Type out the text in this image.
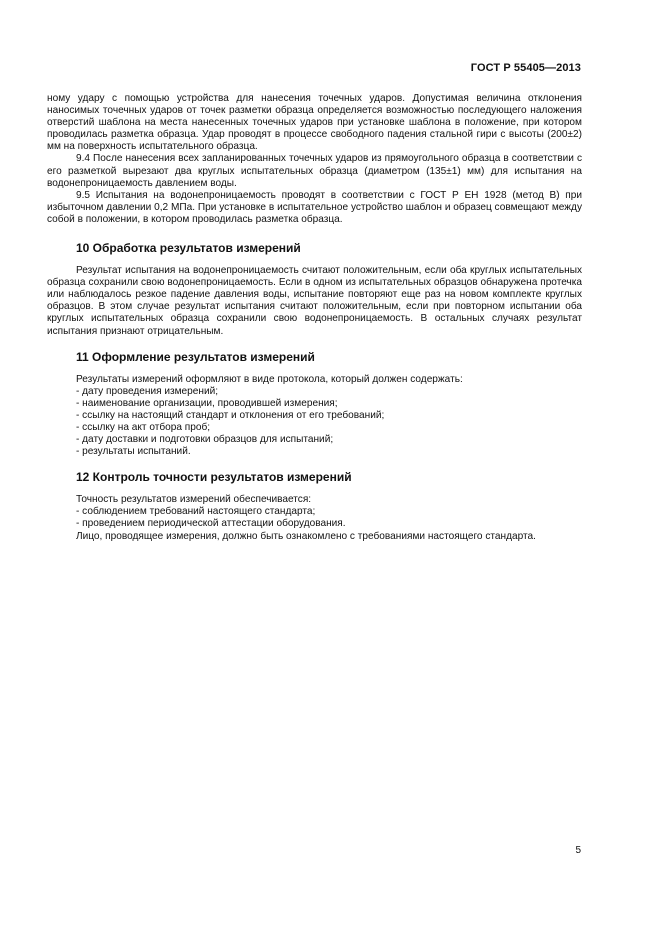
ГОСТ Р 55405—2013

ному удару с помощью устройства для нанесения точечных ударов. Допустимая величина отклонения наносимых точечных ударов от точек разметки образца определяется возможностью последующего наложения отверстий шаблона на места нанесенных точечных ударов при установке шаблона в положение, при котором проводилась разметка образца. Удар проводят в процессе свободного падения стальной гири с высоты (200±2) мм на поверхность испытательного образца.

9.4 После нанесения всех запланированных точечных ударов из прямоугольного образца в соответствии с его разметкой вырезают два круглых испытательных образца (диаметром (135±1) мм) для испытания на водонепроницаемость давлением воды.

9.5 Испытания на водонепроницаемость проводят в соответствии с ГОСТ Р ЕН 1928 (метод В) при избыточном давлении 0,2 МПа. При установке в испытательное устройство шаблон и образец совмещают между собой в положении, в котором проводилась разметка образца.

10 Обработка результатов измерений

Результат испытания на водонепроницаемость считают положительным, если оба круглых испытательных образца сохранили свою водонепроницаемость. Если в одном из испытательных образцов обнаружена протечка или наблюдалось резкое падение давления воды, испытание повторяют еще раз на новом комплекте круглых образцов. В этом случае результат испытания считают положительным, если при повторном испытании оба круглых испытательных образца сохранили свою водонепроницаемость. В остальных случаях результат испытания признают отрицательным.

11 Оформление результатов измерений

Результаты измерений оформляют в виде протокола, который должен содержать:

- дату проведения измерений;

- наименование организации, проводившей измерения;

- ссылку на настоящий стандарт и отклонения от его требований;

- ссылку на акт отбора проб;

- дату доставки и подготовки образцов для испытаний;

- результаты испытаний.

12 Контроль точности результатов измерений

Точность результатов измерений обеспечивается:

- соблюдением требований настоящего стандарта;

- проведением периодической аттестации оборудования.

Лицо, проводящее измерения, должно быть ознакомлено с требованиями настоящего стандарта.

5
